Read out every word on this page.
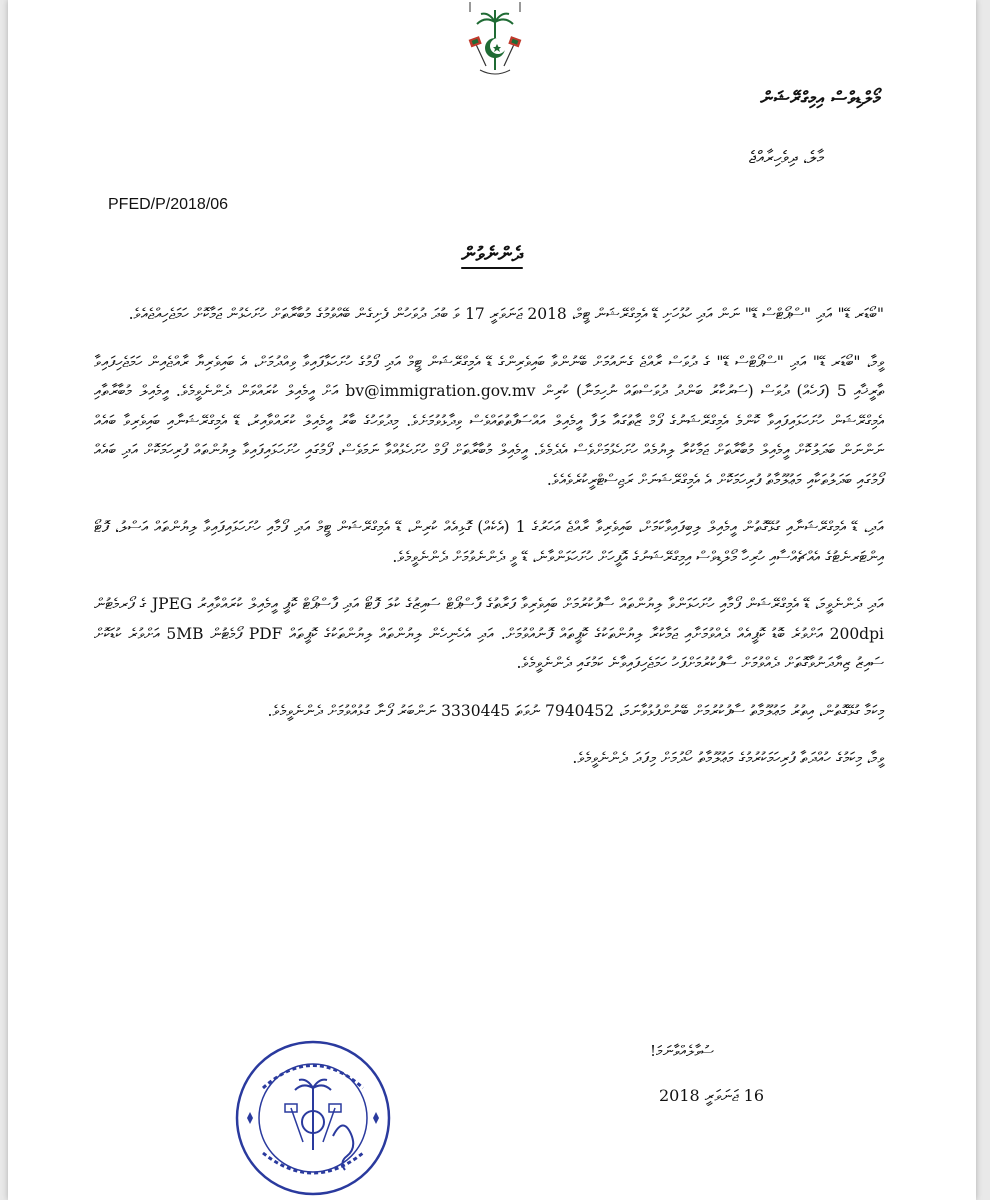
މޯލްޑިވްސް އިމިގްރޭޝަން
މާލެ، ދިވެހިރާއްޖެ
PFED/P/2018/06
ދެންނެވުން

"ބޯޑަރ ޑޭ" އަދި "ސްޕޯޓްސް ޑޭ" ނަން އަދި ހުޅުހަށި ޑޭ އެމިގްރޭޝަން ޓީމް، 2018 ޖަނަވަރީ 17 ވަ ބުދަ ދުވަހުން ފެށިގެން ބޭއްވުމުގެ މުބާރާތަށް ހުށަހެޅުން ޖަމާކޮށް ހަމަޖެހިއްޖެއެވެ.

ވީމާ، "ބޯޑަރ ޑޭ" އަދި "ސްޕޯޓްސް ޑޭ" ގެ ދުވަސް ރާއްޖެ ގެނައުމަށް ބޭނުންވާ ބައިވެރިންގެ ޑޭ އެމިގްރޭޝަން ޓީމް އަދި ފޯމުގެ ހުށަހަޅާފައިވާ ވިއްދުމަށް، އެ ބައިވެރިޔާ ރާއްޖެއިން ހަމަޖެހިފައިވާ ތާރީޚާއި 5 (ފަހެއް) ދުވަސް (ސަރުކާރު ބަންދު ދުވަސްތައް ނުހިމަނާ) ކުރިން bv@immigration.gov.mv އަށް އީމެއިލް ކުރައްވަން ދެންނެވީމެވެ. އީމެއިލް މުބާރާތާއި އެމިގްރޭޝަން ހުށަހަޅައިފައިވާ ކޮންމެ އެމިގްރޭޝަނުގެ ފޯމް ޒާތުގައާ ލަފާ އީމެއިލް އައްސަފާތުތައްވެސް ވިދާޅުވުމަށެވެ. މިދުވަހުގެ ބާރު އީމެއިލް ކުރައްވާއިރު، ޑޭ އެމިގްރޭޝަނާއި ބައިވެރިވާ ބައެއް ނަންނަން ބަދަލުކޮށް އީމެއިލް މުބާރާތަށް ޖަމާކުރާ ލިޔުމެއް ހުށަހެޅުމަށްވެސް އެދެމެވެ. އީމެއިލް މުބާރާތަށް ފޯމް ހުށަހެޅުއްވާ ނަމަވެސް، ފޯމުގައި ހުށަހަޅައިފައިވާ ލިޔުންތައް ފުރިހަމަކޮށް އަދި ބައެއް ފޯމުގައި ބަދަލުތަކާއި މަޢުލޫމާތު ފުރިހަމަކޮށް އެ އެމިގްރޭޝަނަށް ރަޖިސްޓްރީކުރެވެއެވެ.

އަދި، ޑޭ އެމިގްރޭޝަނާއި ގުޅޭގޮތުން އީމެއިލް ލިބިފައިވާކަމަށް، ބައިވެރިވާ ރާއްޖެ އަހަރުގެ 1 (އެކެއް) ގޮޅިއެއް ކުރިން، ޑޭ އެމިގްރޭޝަން ޓީމް އަދި ފޯމާއި ހުށަހަޅައިފައިވާ ލިޔުންތައް އަސްލު، ފޮޓޯ އިންޓަރނެޓުގެ އެއްޗެއްސާއި ހުރިހާ މޯލްޑިވްސް އިމިގްރޭޝަނުގެ އޮފީހަށް ހުށަހަޅަންވާނެ، ޑޭ ވީ ދެންނެވުމަށް ދެންނެވީމެވެ.

އަދި ދެންނެވީމަ، ޑޭ އެމިގްރޭޝަން ފޯމާއި ހުށަހަޅަންވާ ލިޔުންތައް ސާފުކުރުމަށް ބައިވެރިވާ ފަރާތުގެ ފާސްޕޯޓް ސައިޒުގެ ކުލަ ފޮޓޯ އަދި ފާސްޕޯޓް ކޮޕީ އީމެއިލް ކުރައްވާއިރު JPEG ގެ ފޯރމެޓުން 200dpi އަށްވުރެ ބޮޑު ކޮޕީއެއް ދެއްވުމަށާއި ޖަމާކުރާ ލިޔުންތަކުގެ ކޮޕީތައް ފޮނުއްވުމަށް. އަދި އެހެނިހެން ލިޔުންތައް ލިޔުންތަކުގެ ކޮޕީތައް PDF ފޯމެޓުން 5MB އަށްވުރެ ކުޑަކޮށް ސައިޒު ޒިޔާދަނުވާގޮތަށް ދެއްވުމަށް ސާފުކުރުމަށްފަހު ހަމަޖެހިފައިވާނެ ކަމުގައި ދެންނެވީމެވެ.

މިކަމާ ގުޅޭގޮތުން، އިތުރު މަޢުލޫމާތު ސާފުކުރުމަށް ބޭނުންފުޅުވާނަމަ، 7940452 ނުވަތަ 3330445 ނަންބަރު ފޯނާ ގުޅުއްވުމަށް ދެންނެވީމެވެ.

ވީމާ، މިކަމުގެ ހުއްދަތާ ފުރިހަމަކުރުމުގެ މަޢުލޫމާތު ހޯދުމަށް މިފަދަ ދެންނެވީމެވެ.

ސުވާލެއްވާނަމަ!
16 ޖަނަވަރީ 2018
